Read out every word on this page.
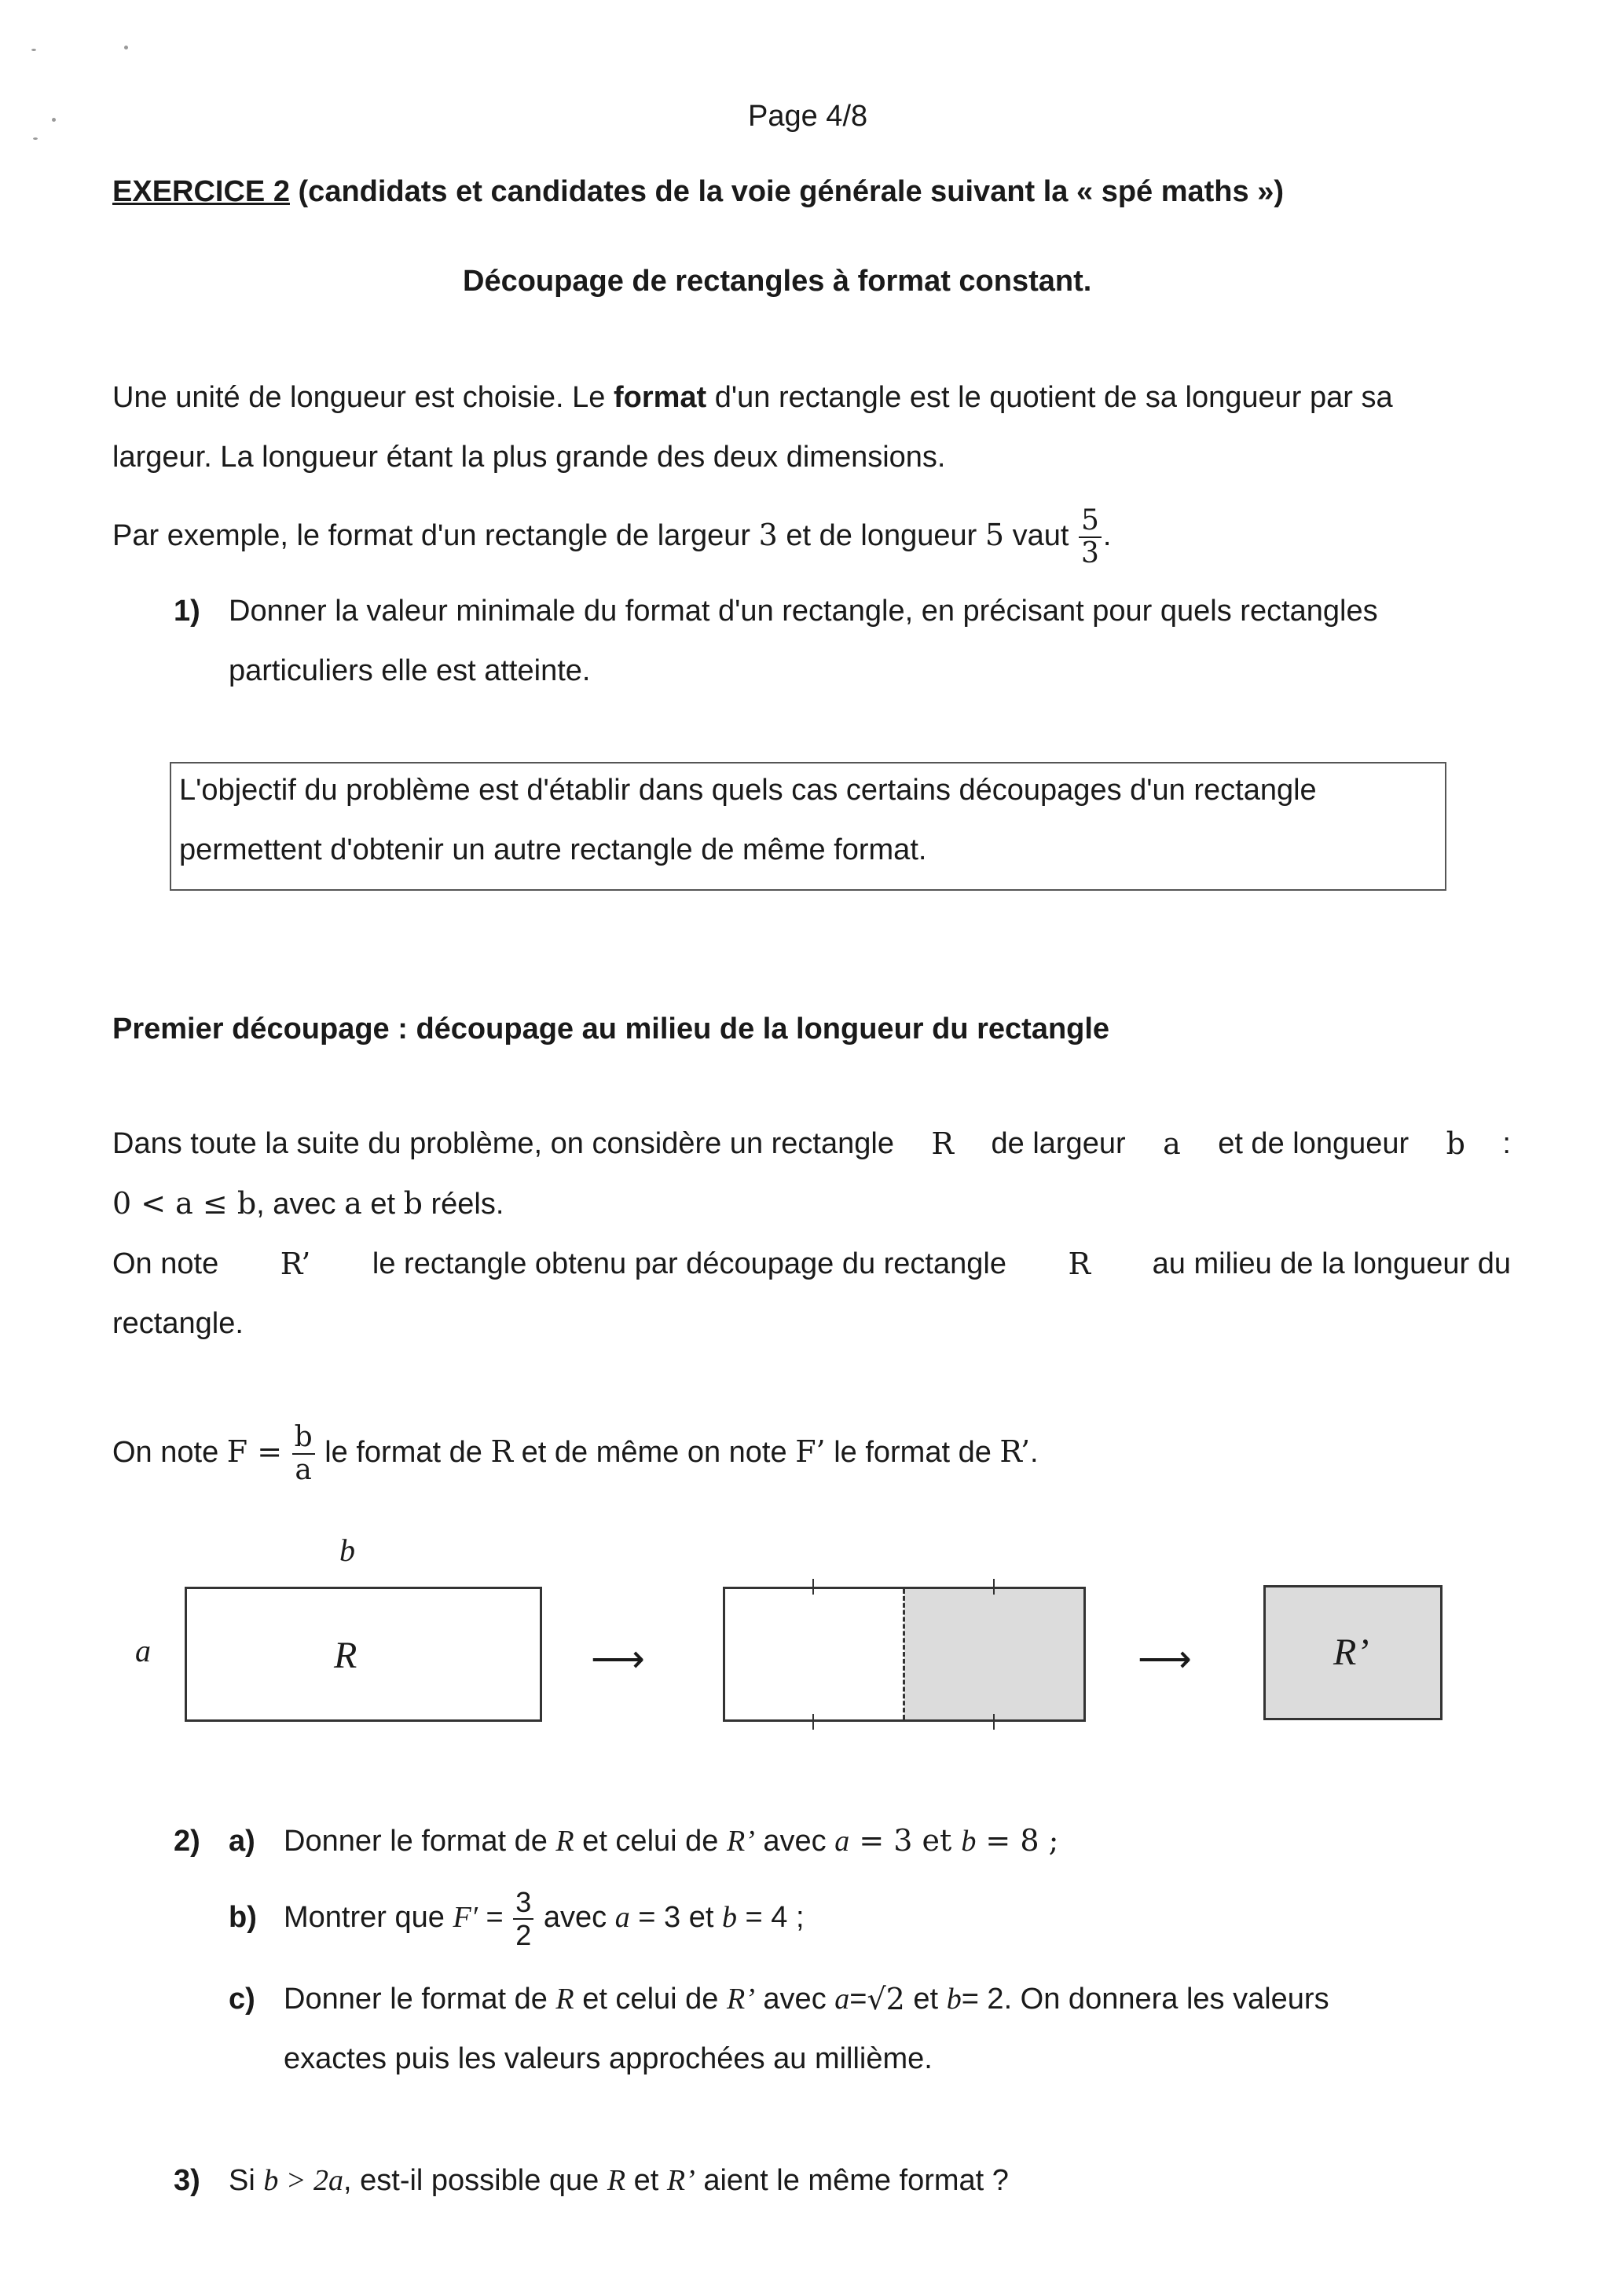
Page 4/8
EXERCICE 2 (candidats et candidates de la voie générale suivant la « spé maths »)
Découpage de rectangles à format constant.
Une unité de longueur est choisie. Le format d'un rectangle est le quotient de sa longueur par sa
largeur. La longueur étant la plus grande des deux dimensions.
Par exemple, le format d'un rectangle de largeur 3 et de longueur 5 vaut $\frac{5}{3}$ .
1) Donner la valeur minimale du format d'un rectangle, en précisant pour quels rectangles
particuliers elle est atteinte.
L'objectif du problème est d'établir dans quels cas certains découpages d'un rectangle
permettent d'obtenir un autre rectangle de même format.
Premier découpage : découpage au milieu de la longueur du rectangle
Dans toute la suite du problème, on considère un rectangle R de largeur a et de longueur b :
0 < a ≤ b, avec a et b réels.
On note R’ le rectangle obtenu par découpage du rectangle R au milieu de la longueur du
rectangle.
On note $F = \frac{b}{a}$ le format de R et de même on note F’ le format de R’.
b
a	R	⟶	⟶	R’
2) a) Donner le format de R et celui de R’ avec a = 3 et b = 8 ;
b) Montrer que $F' = \frac{3}{2}$ avec a = 3 et b = 4 ;
c) Donner le format de
R
et celui de
R’
avec
a = √2
et
b = 2. On donnera les valeurs
exactes puis les valeurs approchées au millième.
3) Si b > 2a, est-il possible que R et R’ aient le même format ?
